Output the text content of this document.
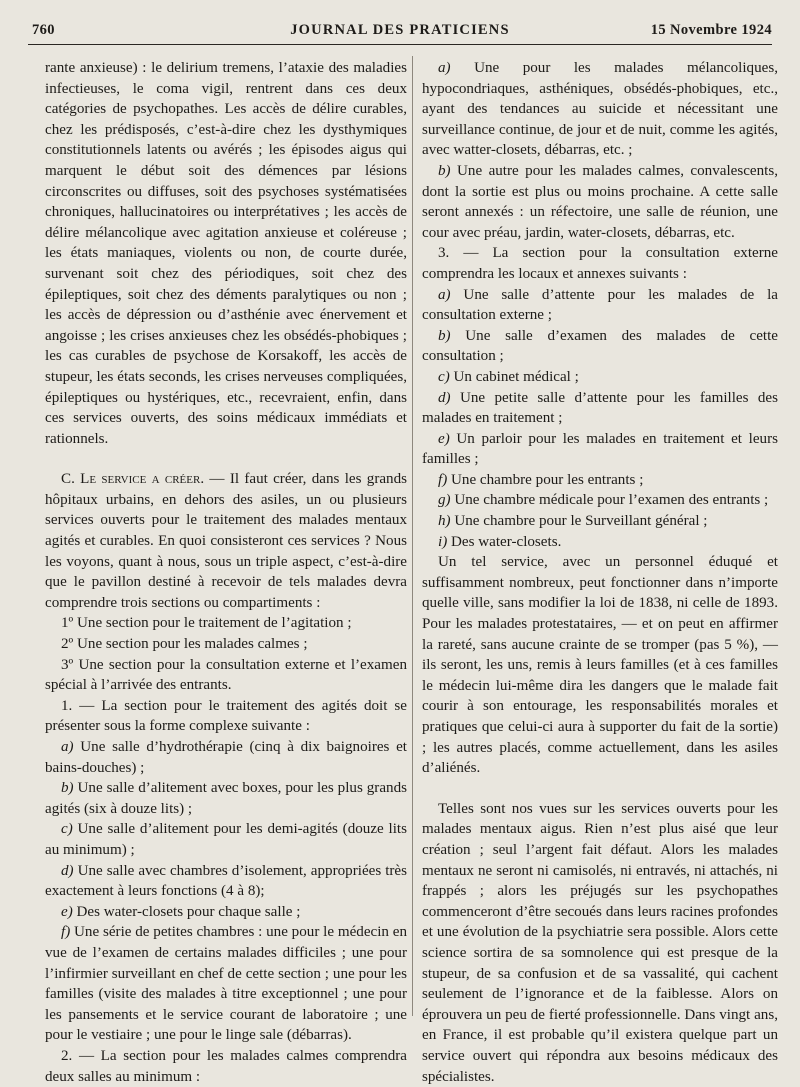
760	JOURNAL DES PRATICIENS	15 Novembre 1924

rante anxieuse) : le delirium tremens, l’ataxie des maladies infectieuses, le coma vigil, rentrent dans ces deux catégories de psychopathes. Les accès de délire curables, chez les prédisposés, c’est-à-dire chez les dysthymiques constitutionnels latents ou avérés ; les épisodes aigus qui marquent le début soit des démences par lésions circonscrites ou diffuses, soit des psychoses systématisées chroniques, hallucinatoires ou interprétatives ; les accès de délire mélancolique avec agitation anxieuse et coléreuse ; les états maniaques, violents ou non, de courte durée, survenant soit chez des périodiques, soit chez des épileptiques, soit chez des déments paralytiques ou non ; les accès de dépression ou d’asthénie avec énervement et angoisse ; les crises anxieuses chez les obsédés-phobiques ; les cas curables de psychose de Korsakoff, les accès de stupeur, les états seconds, les crises nerveuses compliquées, épileptiques ou hystériques, etc., recevraient, enfin, dans ces services ouverts, des soins médicaux immédiats et rationnels.

C. Le service a créer. — Il faut créer, dans les grands hôpitaux urbains, en dehors des asiles, un ou plusieurs services ouverts pour le traitement des malades mentaux agités et curables. En quoi consisteront ces services ? Nous les voyons, quant à nous, sous un triple aspect, c’est-à-dire que le pavillon destiné à recevoir de tels malades devra comprendre trois sections ou compartiments :

1º Une section pour le traitement de l’agitation ;

2º Une section pour les malades calmes ;

3º Une section pour la consultation externe et l’examen spécial à l’arrivée des entrants.

1. — La section pour le traitement des agités doit se présenter sous la forme complexe suivante :

a) Une salle d’hydrothérapie (cinq à dix baignoires et bains-douches) ;

b) Une salle d’alitement avec boxes, pour les plus grands agités (six à douze lits) ;

c) Une salle d’alitement pour les demi-agités (douze lits au minimum) ;

d) Une salle avec chambres d’isolement, appropriées très exactement à leurs fonctions (4 à 8);

e) Des water-closets pour chaque salle ;

f) Une série de petites chambres : une pour le médecin en vue de l’examen de certains malades difficiles ; une pour l’infirmier surveillant en chef de cette section ; une pour les familles (visite des malades à titre exceptionnel ; une pour les pansements et le service courant de laboratoire ; une pour le vestiaire ; une pour le linge sale (débarras).

2. — La section pour les malades calmes comprendra deux salles au minimum :

a) Une pour les malades mélancoliques, hypocondriaques, asthéniques, obsédés-phobiques, etc., ayant des tendances au suicide et nécessitant une surveillance continue, de jour et de nuit, comme les agités, avec watter-closets, débarras, etc. ;

b) Une autre pour les malades calmes, convalescents, dont la sortie est plus ou moins prochaine. A cette salle seront annexés : un réfectoire, une salle de réunion, une cour avec préau, jardin, water-closets, débarras, etc.

3. — La section pour la consultation externe comprendra les locaux et annexes suivants :

a) Une salle d’attente pour les malades de la consultation externe ;

b) Une salle d’examen des malades de cette consultation ;

c) Un cabinet médical ;

d) Une petite salle d’attente pour les familles des malades en traitement ;

e) Un parloir pour les malades en traitement et leurs familles ;

f) Une chambre pour les entrants ;

g) Une chambre médicale pour l’examen des entrants ;

h) Une chambre pour le Surveillant général ;

i) Des water-closets.

Un tel service, avec un personnel éduqué et suffisamment nombreux, peut fonctionner dans n’importe quelle ville, sans modifier la loi de 1838, ni celle de 1893. Pour les malades protestataires, — et on peut en affirmer la rareté, sans aucune crainte de se tromper (pas 5 %), — ils seront, les uns, remis à leurs familles (et à ces familles le médecin lui-même dira les dangers que le malade fait courir à son entourage, les responsabilités morales et pratiques que celui-ci aura à supporter du fait de la sortie) ; les autres placés, comme actuellement, dans les asiles d’aliénés.

Telles sont nos vues sur les services ouverts pour les malades mentaux aigus. Rien n’est plus aisé que leur création ; seul l’argent fait défaut. Alors les malades mentaux ne seront ni camisolés, ni entravés, ni attachés, ni frappés ; alors les préjugés sur les psychopathes commenceront d’être secoués dans leurs racines profondes et une évolution de la psychiatrie sera possible. Alors cette science sortira de sa somnolence qui est presque de la stupeur, de sa confusion et de sa vassalité, qui cachent seulement de l’ignorance et de la faiblesse. Alors on éprouvera un peu de fierté professionnelle. Dans vingt ans, en France, il est probable qu’il existera quelque part un service ouvert qui répondra aux besoins médicaux des spécialistes.
